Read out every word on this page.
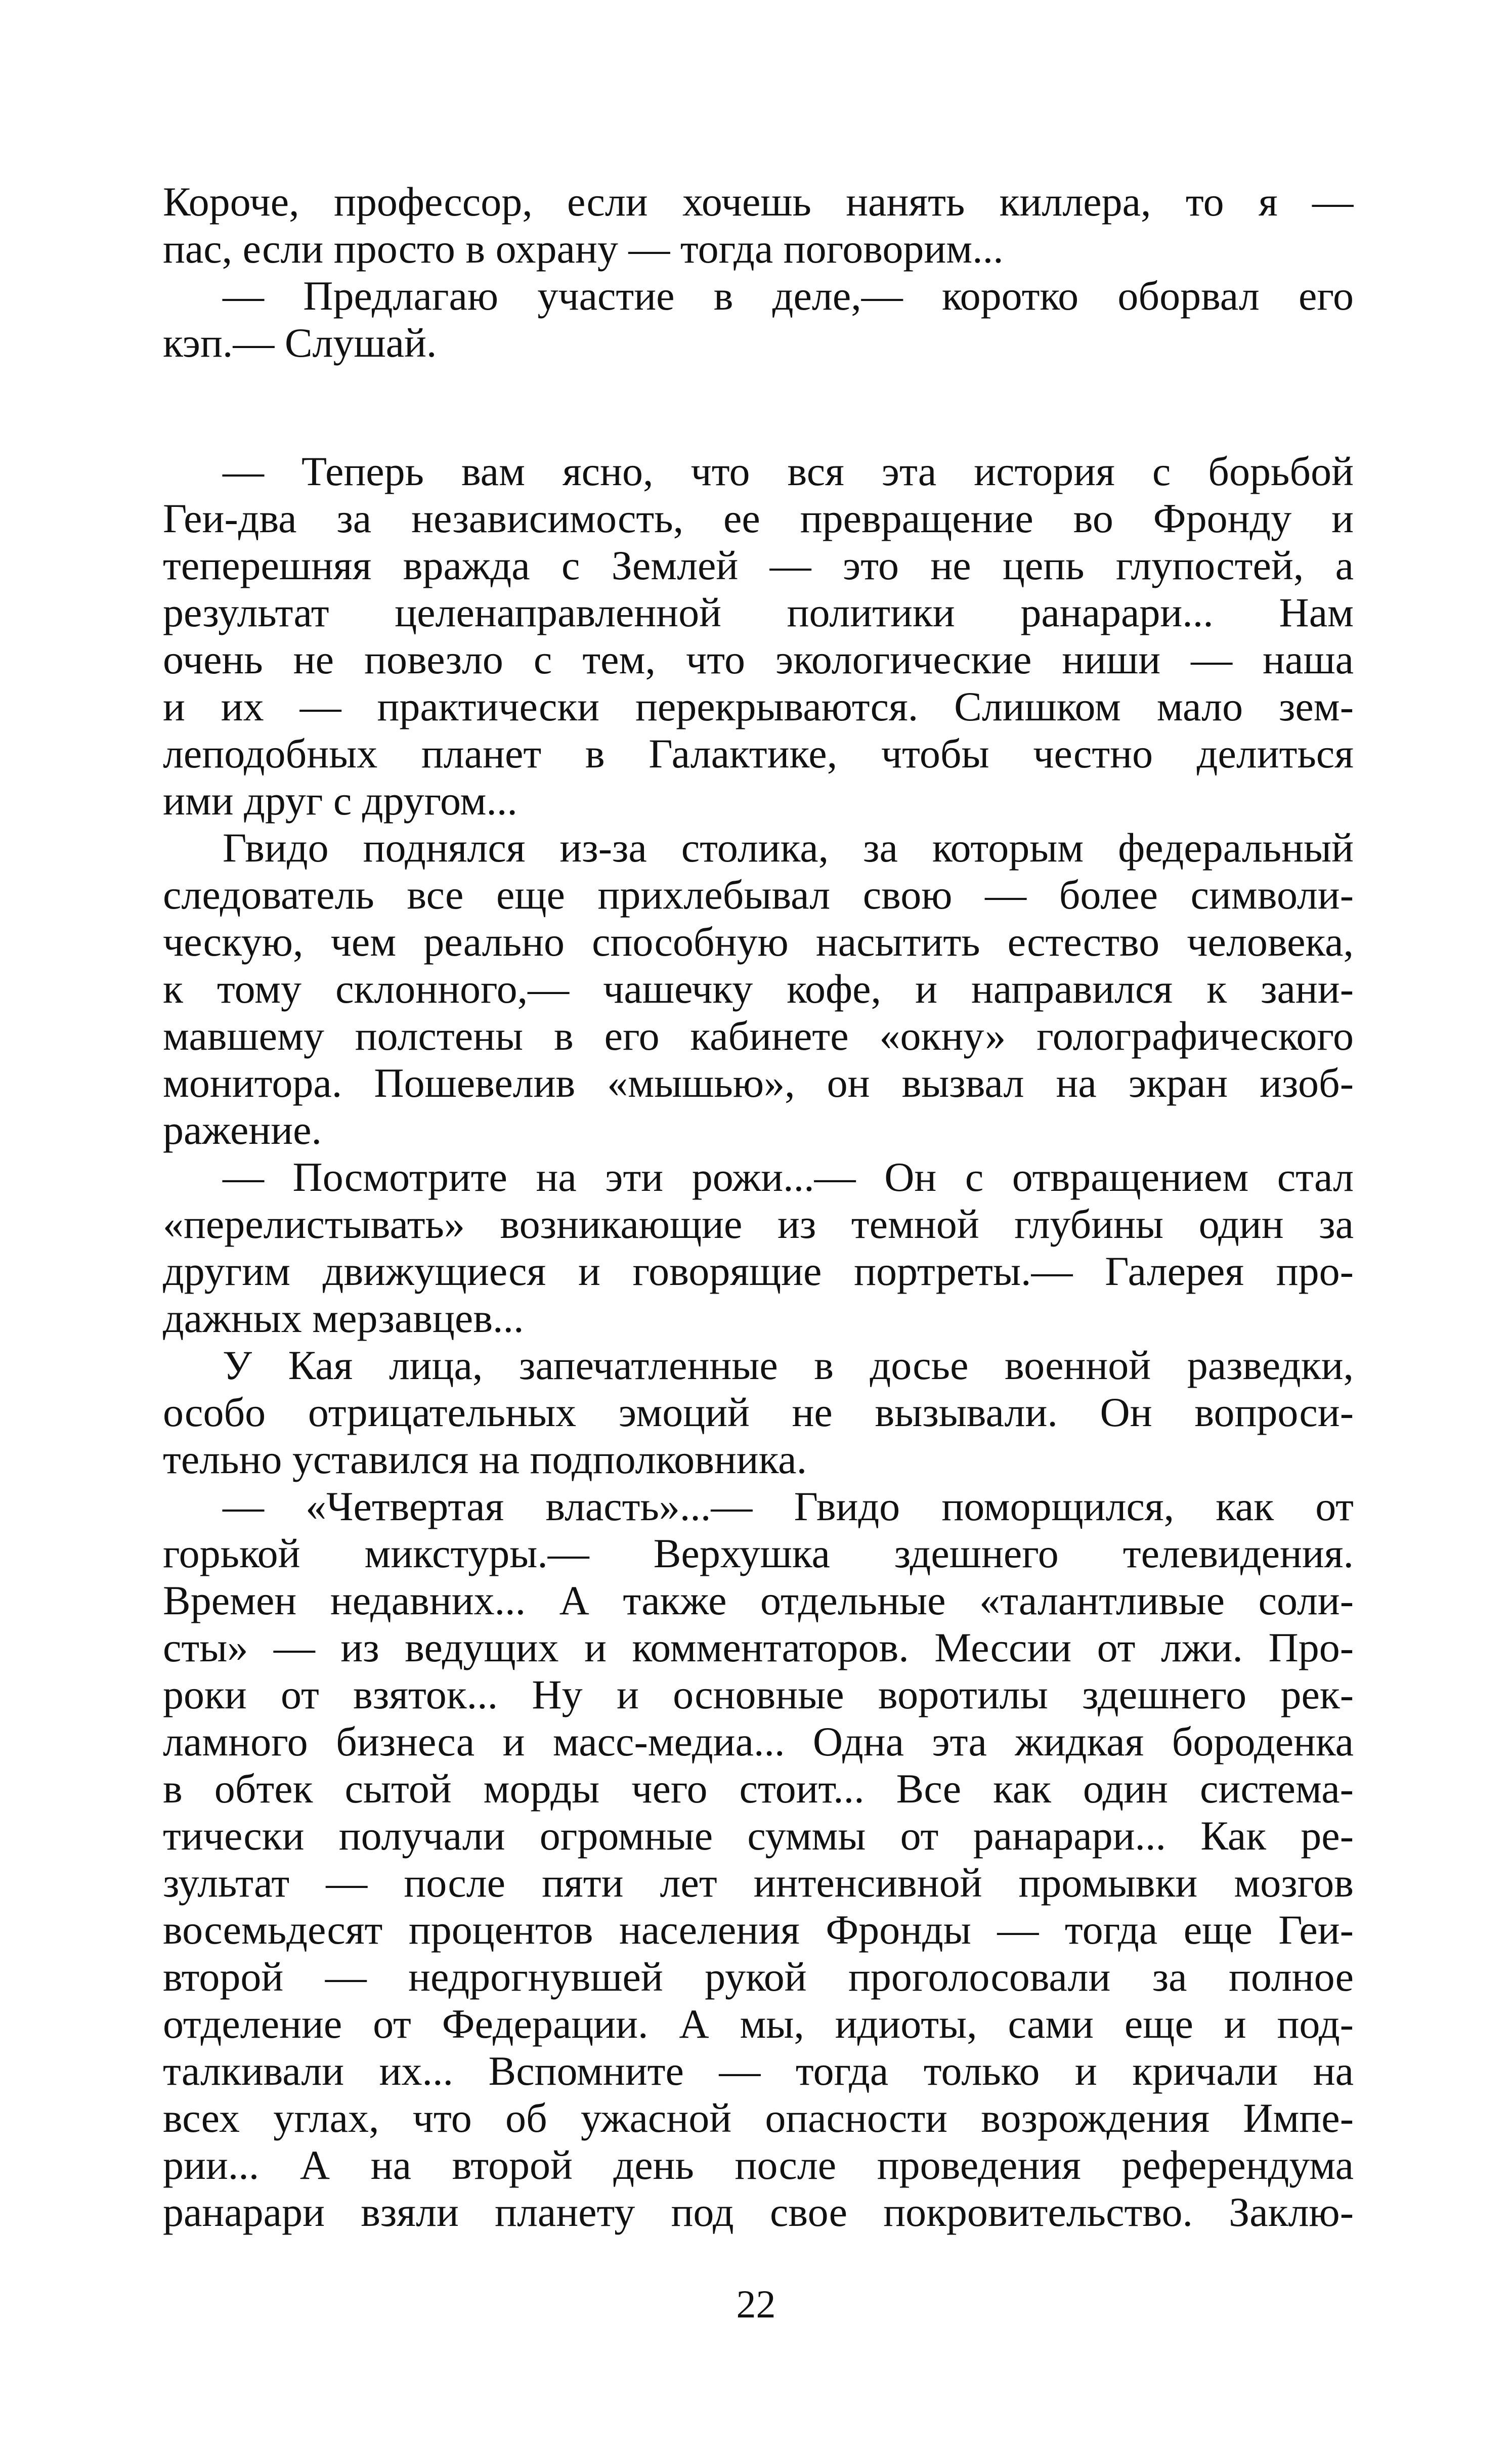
Короче, профессор, если хочешь нанять киллера, то я —
пас, если просто в охрану — тогда поговорим...
— Предлагаю участие в деле,— коротко оборвал его
кэп.— Слушай.
— Теперь вам ясно, что вся эта история с борьбой
Геи-два за независимость, ее превращение во Фронду и
теперешняя вражда с Землей — это не цепь глупостей, а
результат целенаправленной политики ранарари... Нам
очень не повезло с тем, что экологические ниши — наша
и их — практически перекрываются. Слишком мало зем-
леподобных планет в Галактике, чтобы честно делиться
ими друг с другом...
Гвидо поднялся из-за столика, за которым федеральный
следователь все еще прихлебывал свою — более символи-
ческую, чем реально способную насытить естество человека,
к тому склонного,— чашечку кофе, и направился к зани-
мавшему полстены в его кабинете «окну» голографического
монитора. Пошевелив «мышью», он вызвал на экран изоб-
ражение.
— Посмотрите на эти рожи...— Он с отвращением стал
«перелистывать» возникающие из темной глубины один за
другим движущиеся и говорящие портреты.— Галерея про-
дажных мерзавцев...
У Кая лица, запечатленные в досье военной разведки,
особо отрицательных эмоций не вызывали. Он вопроси-
тельно уставился на подполковника.
— «Четвертая власть»...— Гвидо поморщился, как от
горькой микстуры.— Верхушка здешнего телевидения.
Времен недавних... А также отдельные «талантливые соли-
сты» — из ведущих и комментаторов. Мессии от лжи. Про-
роки от взяток... Ну и основные воротилы здешнего рек-
ламного бизнеса и масс-медиа... Одна эта жидкая бороденка
в обтек сытой морды чего стоит... Все как один система-
тически получали огромные суммы от ранарари... Как ре-
зультат — после пяти лет интенсивной промывки мозгов
восемьдесят процентов населения Фронды — тогда еще Геи-
второй — недрогнувшей рукой проголосовали за полное
отделение от Федерации. А мы, идиоты, сами еще и под-
талкивали их... Вспомните — тогда только и кричали на
всех углах, что об ужасной опасности возрождения Импе-
рии... А на второй день после проведения референдума
ранарари взяли планету под свое покровительство. Заклю-
22
